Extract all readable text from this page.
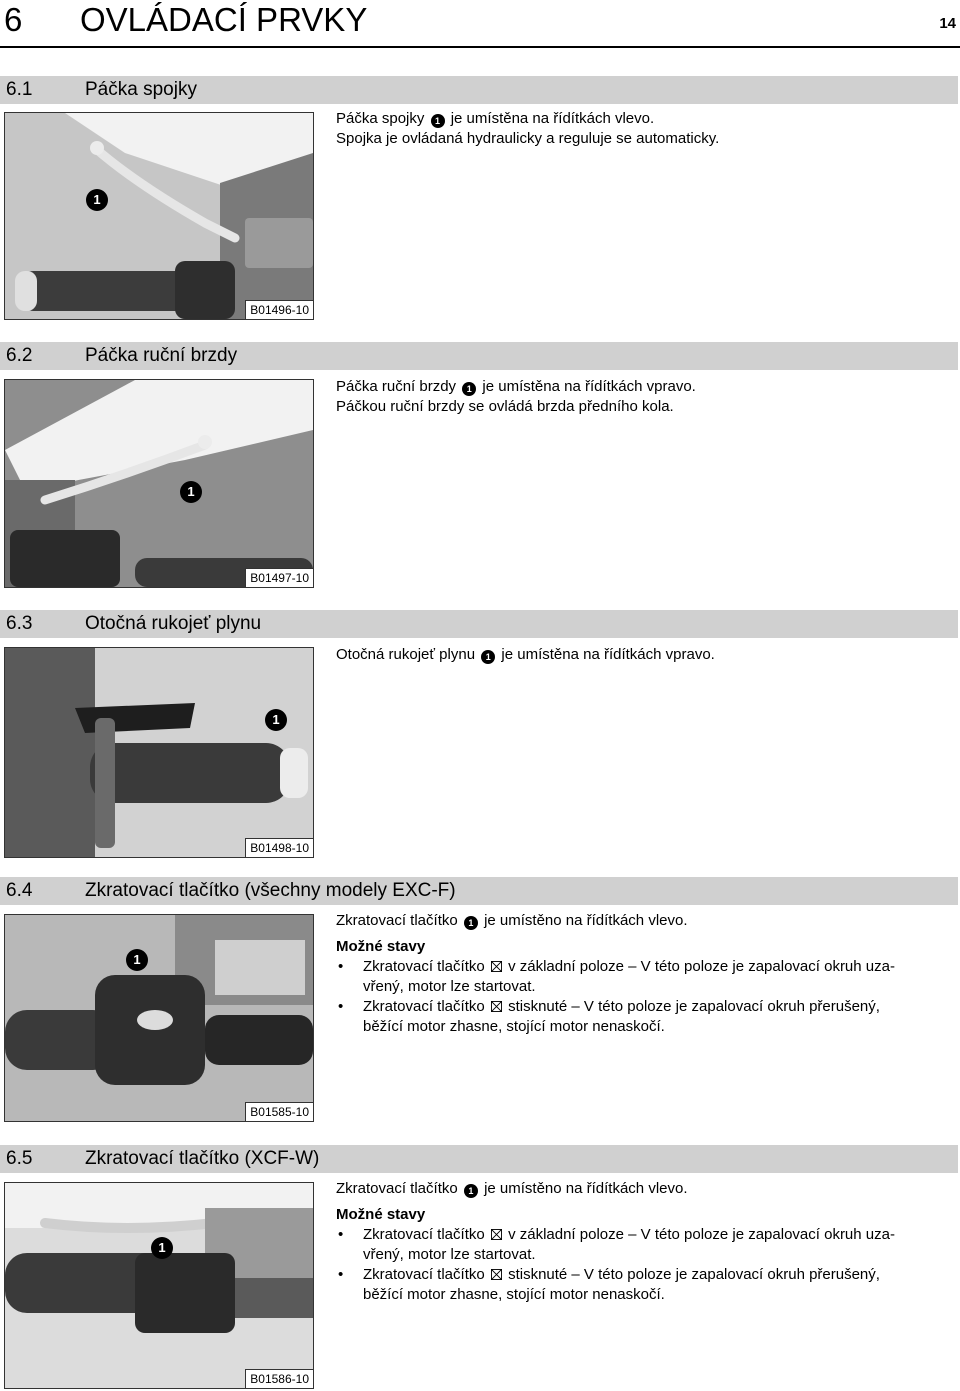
6 OVLÁDACÍ PRVKY	14
6.1	Páčka spojky
1
B01496-10

Páčka spojky 1 je umístěna na řídítkách vlevo.

Spojka je ovládaná hydraulicky a reguluje se automaticky.

6.2	Páčka ruční brzdy
1
B01497-10

Páčka ruční brzdy 1 je umístěna na řídítkách vpravo.

Páčkou ruční brzdy se ovládá brzda předního kola.

6.3	Otočná rukojeť plynu
1
B01498-10

Otočná rukojeť plynu 1 je umístěna na řídítkách vpravo.

6.4	Zkratovací tlačítko (všechny modely EXC-F)
1
B01585-10

Zkratovací tlačítko 1 je umístěno na řídítkách vlevo.

Možné stavy

• Zkratovací tlačítko v základní poloze – V této poloze je zapalovací okruh uza-
vřený, motor lze startovat.
• Zkratovací tlačítko stisknuté – V této poloze je zapalovací okruh přerušený,
běžící motor zhasne, stojící motor nenaskočí.
6.5	Zkratovací tlačítko (XCF-W)
1
B01586-10

Zkratovací tlačítko 1 je umístěno na řídítkách vlevo.

Možné stavy

• Zkratovací tlačítko v základní poloze – V této poloze je zapalovací okruh uza-
vřený, motor lze startovat.
• Zkratovací tlačítko stisknuté – V této poloze je zapalovací okruh přerušený,
běžící motor zhasne, stojící motor nenaskočí.
